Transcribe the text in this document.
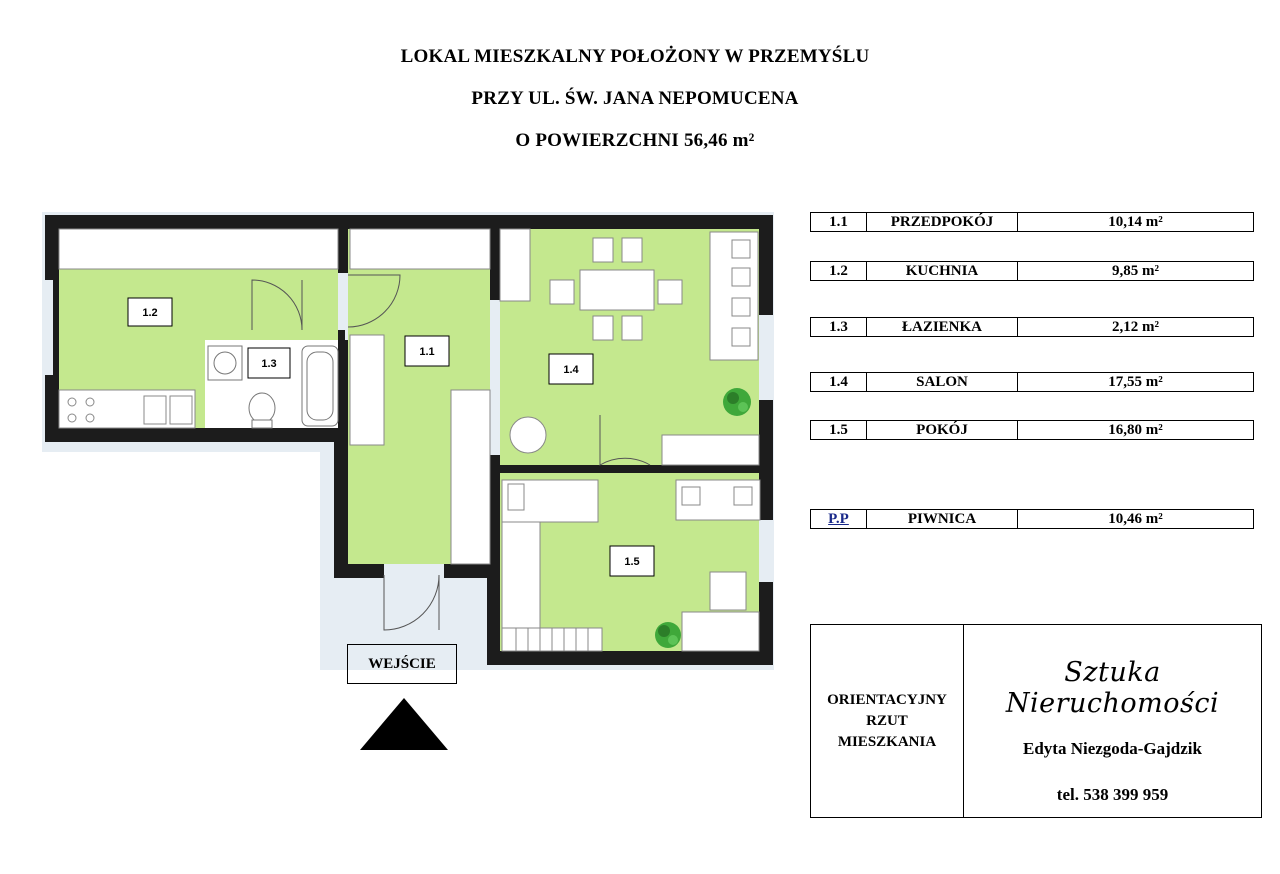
LOKAL MIESZKALNY POŁOŻONY W PRZEMYŚLU
PRZY UL. ŚW. JANA NEPOMUCENA
O POWIERZCHNI 56,46 m²
1.2
1.3
1.1
1.4
1.5
1.1	PRZEDPOKÓJ	10,14 m²
1.2	KUCHNIA	9,85 m²
1.3	ŁAZIENKA	2,12 m²
1.4	SALON	17,55 m²
1.5	POKÓJ	16,80 m²
P.P	PIWNICA	10,46 m²
WEJŚCIE
ORIENTACYJNY
RZUT
MIESZKANIA
Sztuka Nieruchomości
Edyta Niezgoda-Gajdzik
tel. 538 399 959
